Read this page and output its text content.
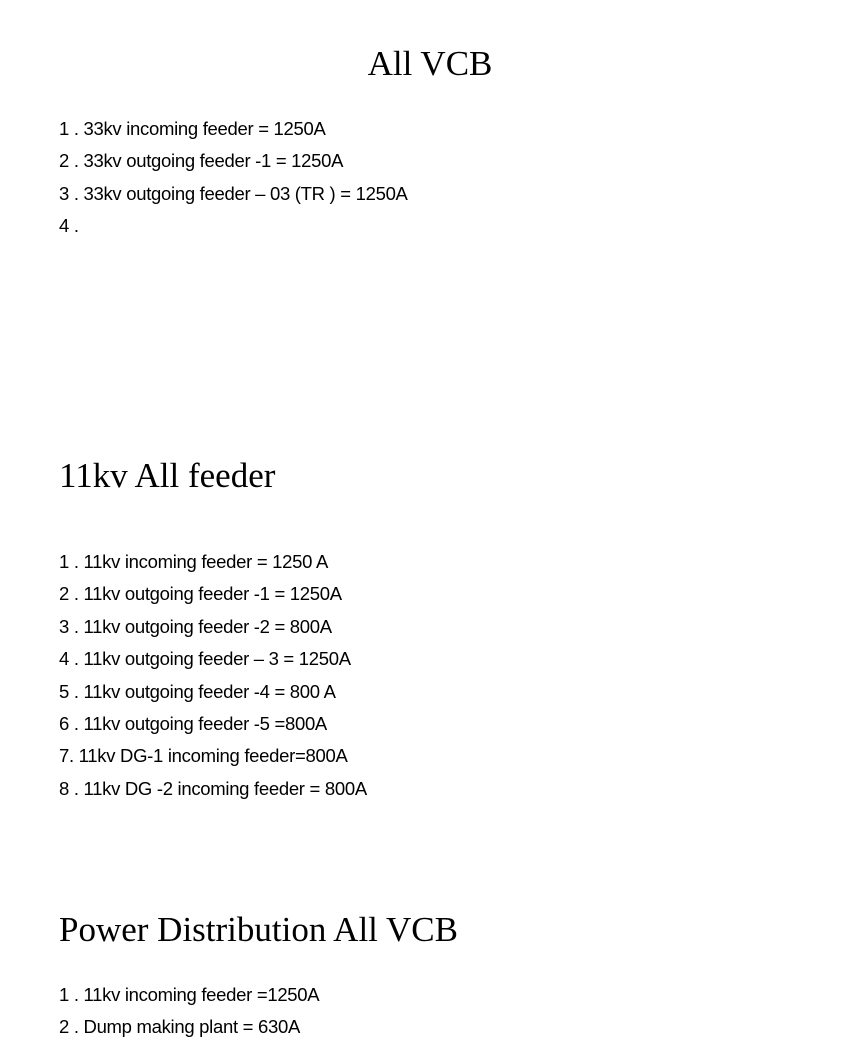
All VCB
1 . 33kv incoming feeder = 1250A
2 . 33kv outgoing feeder -1 = 1250A
3 . 33kv outgoing feeder – 03 (TR ) = 1250A
4 .
11kv All feeder
1 . 11kv incoming feeder = 1250 A
2 . 11kv outgoing feeder -1 = 1250A
3 . 11kv outgoing feeder -2 = 800A
4 . 11kv outgoing feeder – 3 = 1250A
5 . 11kv outgoing feeder -4 = 800 A
6 . 11kv outgoing feeder -5 =800A
7. 11kv DG-1 incoming feeder=800A
8 . 11kv DG -2 incoming feeder = 800A
Power Distribution All VCB
1 . 11kv incoming feeder =1250A
2 . Dump making plant = 630A
